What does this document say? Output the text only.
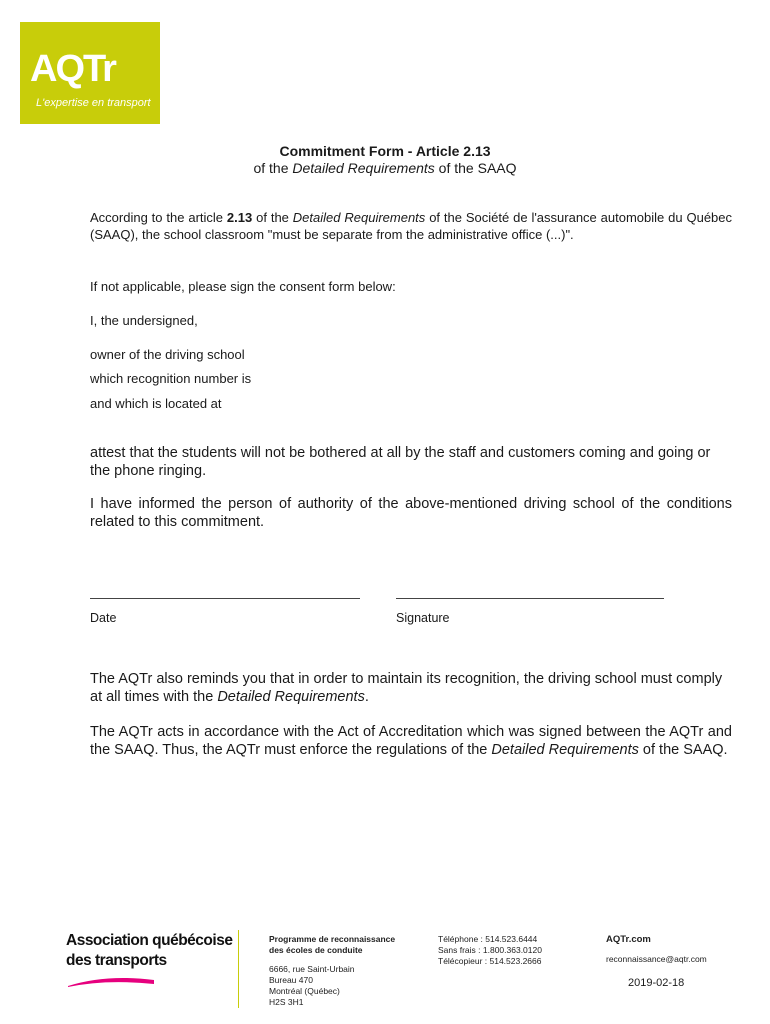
AQTr
L'expertise en transport
Commitment Form - Article 2.13
of the Detailed Requirements of the SAAQ
According to the article 2.13 of the Detailed Requirements of the Société de l'assurance automobile du Québec (SAAQ), the school classroom "must be separate from the administrative office (...)".
If not applicable, please sign the consent form below:
I, the undersigned,
owner of the driving school
which recognition number is
and which is located at
attest that the students will not be bothered at all by the staff and customers coming and going or the phone ringing.
I have informed the person of authority of the above-mentioned driving school of the conditions related to this commitment.
Date	Signature
The AQTr also reminds you that in order to maintain its recognition, the driving school must comply at all times with the Detailed Requirements.
The AQTr acts in accordance with the Act of Accreditation which was signed between the AQTr and the SAAQ. Thus, the AQTr must enforce the regulations of the Detailed Requirements of the SAAQ.
Association québécoise
des transports
Programme de reconnaissance
des écoles de conduite
6666, rue Saint-Urbain
Bureau 470
Montréal (Québec)
H2S 3H1
Téléphone : 514.523.6444
Sans frais : 1.800.363.0120
Télécopieur : 514.523.2666
AQTr.com
reconnaissance@aqtr.com
2019-02-18
